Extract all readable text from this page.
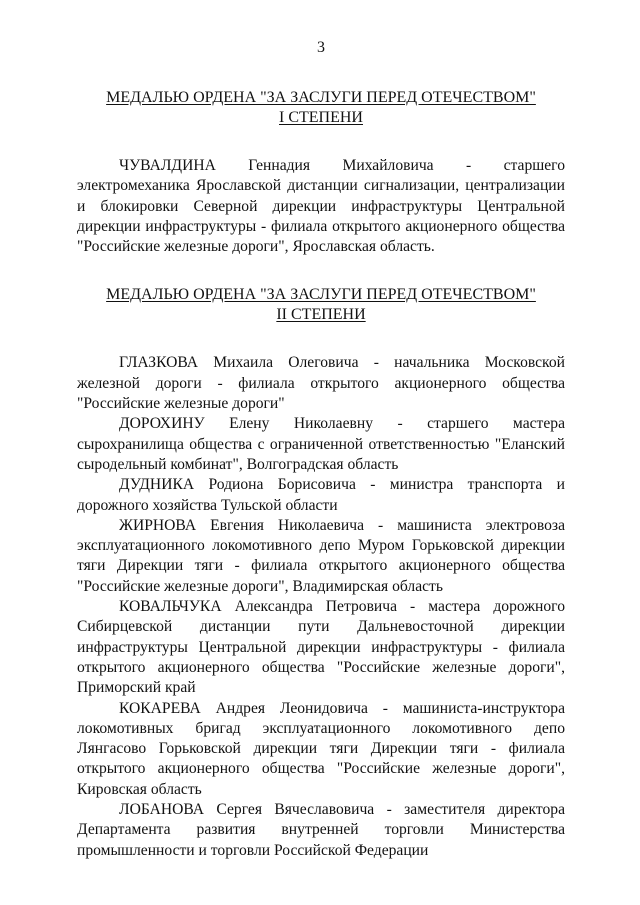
3
МЕДАЛЬЮ ОРДЕНА "ЗА ЗАСЛУГИ ПЕРЕД ОТЕЧЕСТВОМ"
I СТЕПЕНИ

ЧУВАЛДИНА Геннадия Михайловича - старшего электромеханика Ярославской дистанции сигнализации, централизации и блокировки Северной дирекции инфраструктуры Центральной дирекции инфраструктуры - филиала открытого акционерного общества "Российские железные дороги", Ярославская область.

МЕДАЛЬЮ ОРДЕНА "ЗА ЗАСЛУГИ ПЕРЕД ОТЕЧЕСТВОМ"
II СТЕПЕНИ

ГЛАЗКОВА Михаила Олеговича - начальника Московской железной дороги - филиала открытого акционерного общества "Российские железные дороги"

ДОРОХИНУ Елену Николаевну - старшего мастера сырохранилища общества с ограниченной ответственностью "Еланский сыродельный комбинат", Волгоградская область

ДУДНИКА Родиона Борисовича - министра транспорта и дорожного хозяйства Тульской области

ЖИРНОВА Евгения Николаевича - машиниста электровоза эксплуатационного локомотивного депо Муром Горьковской дирекции тяги Дирекции тяги - филиала открытого акционерного общества "Российские железные дороги", Владимирская область

КОВАЛЬЧУКА Александра Петровича - мастера дорожного Сибирцевской дистанции пути Дальневосточной дирекции инфраструктуры Центральной дирекции инфраструктуры - филиала открытого акционерного общества "Российские железные дороги", Приморский край

КОКАРЕВА Андрея Леонидовича - машиниста-инструктора локомотивных бригад эксплуатационного локомотивного депо Лянгасово Горьковской дирекции тяги Дирекции тяги - филиала открытого акционерного общества "Российские железные дороги", Кировская область

ЛОБАНОВА Сергея Вячеславовича - заместителя директора Департамента развития внутренней торговли Министерства промышленности и торговли Российской Федерации
